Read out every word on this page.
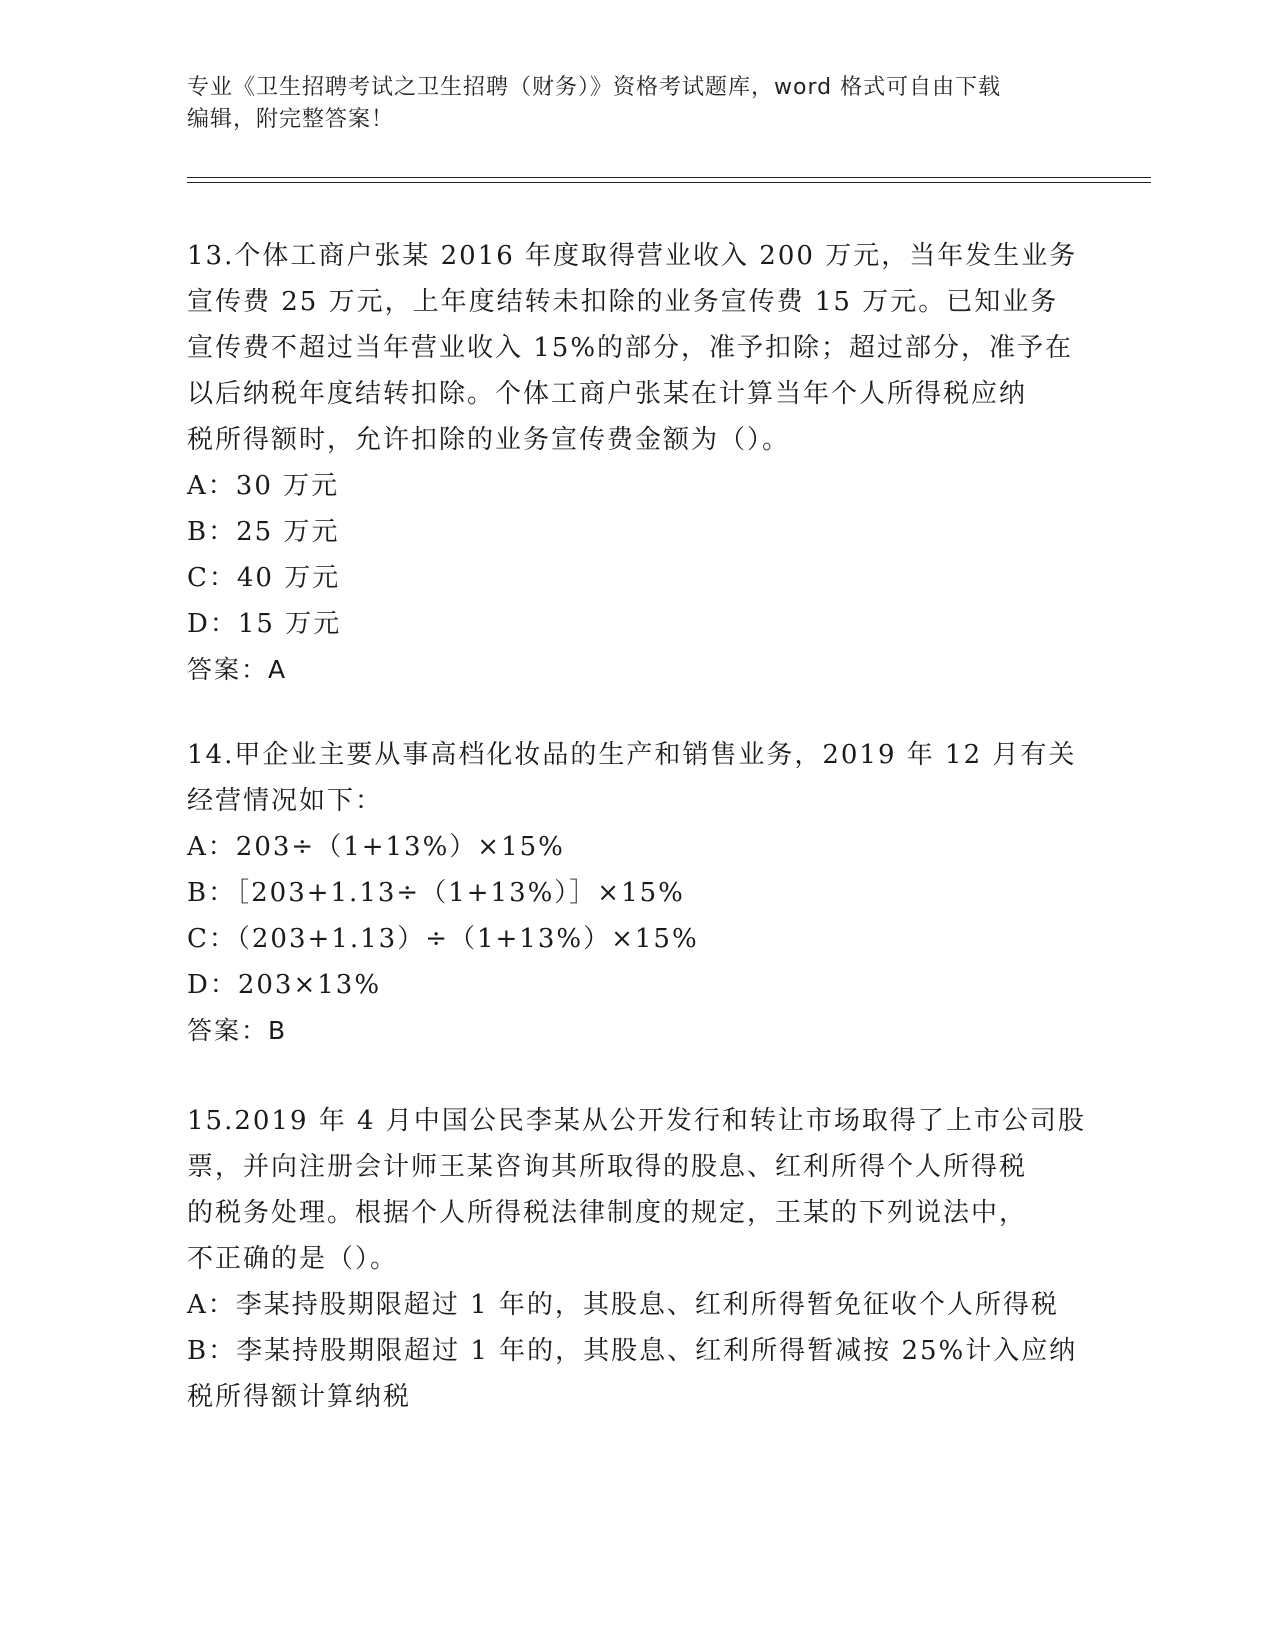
专业《卫生招聘考试之卫生招聘（财务）》资格考试题库，word 格式可自由下载
编辑，附完整答案！
13.个体工商户张某 2016 年度取得营业收入 200 万元，当年发生业务
宣传费 25 万元，上年度结转未扣除的业务宣传费 15 万元。已知业务
宣传费不超过当年营业收入 15%的部分，准予扣除；超过部分，准予在
以后纳税年度结转扣除。个体工商户张某在计算当年个人所得税应纳
税所得额时，允许扣除的业务宣传费金额为（）。
A：30 万元
B：25 万元
C：40 万元
D：15 万元
答案：A
14.甲企业主要从事高档化妆品的生产和销售业务，2019 年 12 月有关
经营情况如下：
A：203÷（1+13%）×15%
B：［203+1.13÷（1+13%）］×15%
C：（203+1.13）÷（1+13%）×15%
D：203×13%
答案：B
15.2019 年 4 月中国公民李某从公开发行和转让市场取得了上市公司股
票，并向注册会计师王某咨询其所取得的股息、红利所得个人所得税
的税务处理。根据个人所得税法律制度的规定，王某的下列说法中，
不正确的是（）。
A：李某持股期限超过 1 年的，其股息、红利所得暂免征收个人所得税
B：李某持股期限超过 1 年的，其股息、红利所得暂减按 25%计入应纳
税所得额计算纳税
